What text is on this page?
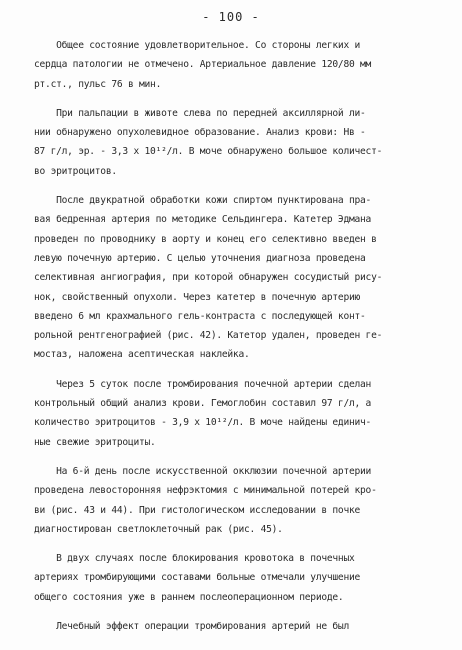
- 100 -
Общее состояние удовлетворительное. Со стороны легких и
сердца патологии не отмечено. Артериальное давление 120/80 мм
рт.ст., пульс 76 в мин.
При пальпации в животе слева по передней аксиллярной ли-
нии обнаружено опухолевидное образование. Анализ крови: Нв -
87 г/л, эр. - 3,3 х 10¹²/л. В моче обнаружено большое количест-
во эритроцитов.
После двукратной обработки кожи спиртом пунктирована пра-
вая бедренная артерия по методике Сельдингера. Катетер Эдмана
проведен по проводнику в аорту и конец его селективно введен в
левую почечную артерию. С целью уточнения диагноза проведена
селективная ангиография, при которой обнаружен сосудистый рису-
нок, свойственный опухоли. Через катетер в почечную артерию
введено 6 мл крахмального гель-контраста с последующей конт-
рольной рентгенографией (рис. 42). Катетор удален, проведен ге-
мостаз, наложена асептическая наклейка.
Через 5 суток после тромбирования почечной артерии сделан
контрольный общий анализ крови. Гемоглобин составил 97 г/л, а
количество эритроцитов - 3,9 х 10¹²/л. В моче найдены единич-
ные свежие эритроциты.
На 6-й день после искусственной окклюзии почечной артерии
проведена левосторонняя нефрэктомия с минимальной потерей кро-
ви (рис. 43 и 44). При гистологическом исследовании в почке
диагностирован светлоклеточный рак (рис. 45).
В двух случаях после блокирования кровотока в почечных
артериях тромбирующими составами больные отмечали улучшение
общего состояния уже в раннем послеоперационном периоде.
Лечебный эффект операции тромбирования артерий не был
